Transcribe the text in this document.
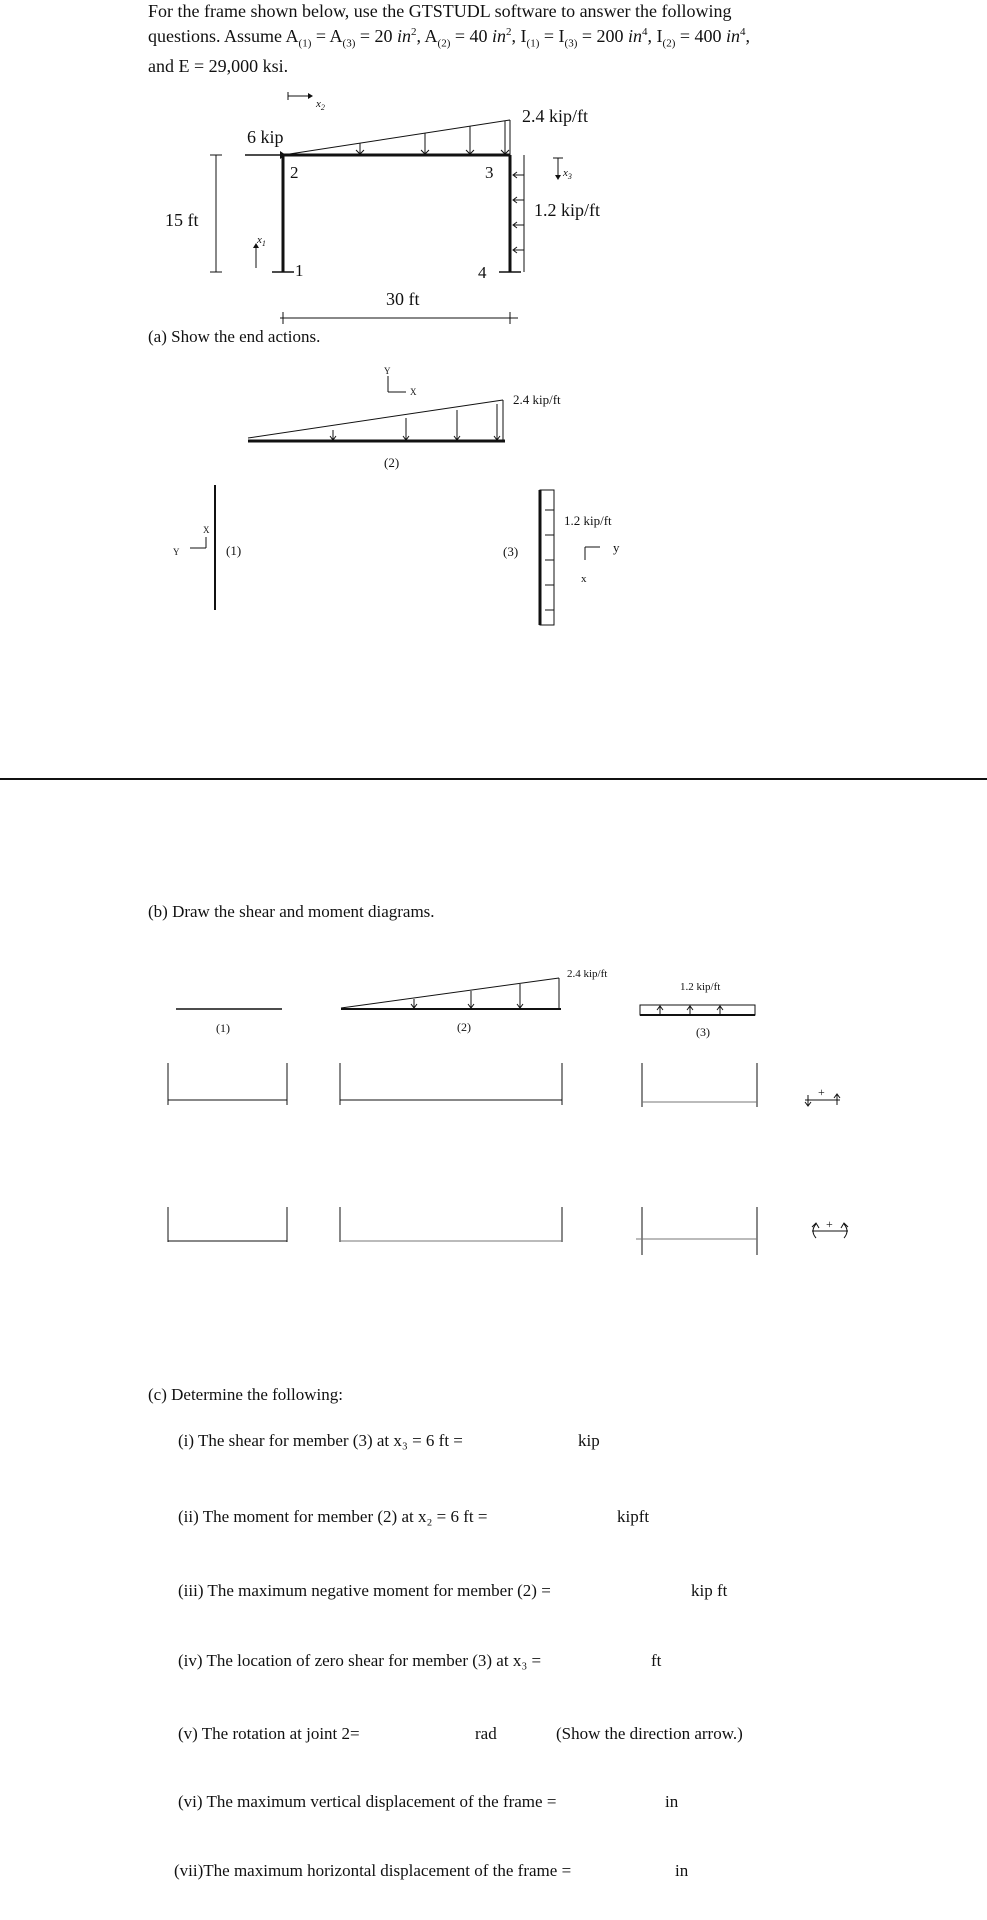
For the frame shown below, use the GTSTUDL software to answer the following
questions. Assume $A_{(1)} = A_{(3)} = 20$ $in^2$, $A_{(2)} = 40$ $in^2$, $I_{(1)} = I_{(3)} = 200$ $in^4$, $I_{(2)} = 400$ $in^4$,
and E = 29,000 ksi.
2.4 kip/ft
1.2 kip/ft
6 kip
15 ft
30 ft
1
2	3
4
$x_2$
$x_1$
$x_3$
(a) Show the end actions.
2.4 kip/ft
(2)
(1)	(3)
1.2 kip/ft
Y
X
X
Y	y
x
(b) Draw the shear and moment diagrams.
(1)	(2)	(3)
2.4 kip/ft
1.2 kip/ft
+
+
(c) Determine the following:
(i) The shear for member (3) at x₃ = 6 ft =	kip
(ii) The moment for member (2) at x₂ = 6 ft =	kipft
(iii) The maximum negative moment for member (2) =	kip ft
(iv) The location of zero shear for member (3) at x₃ =	ft
(v) The rotation at joint 2=	rad	(Show the direction arrow.)
(vi) The maximum vertical displacement of the frame =	in
(vii)The maximum horizontal displacement of the frame =	in
